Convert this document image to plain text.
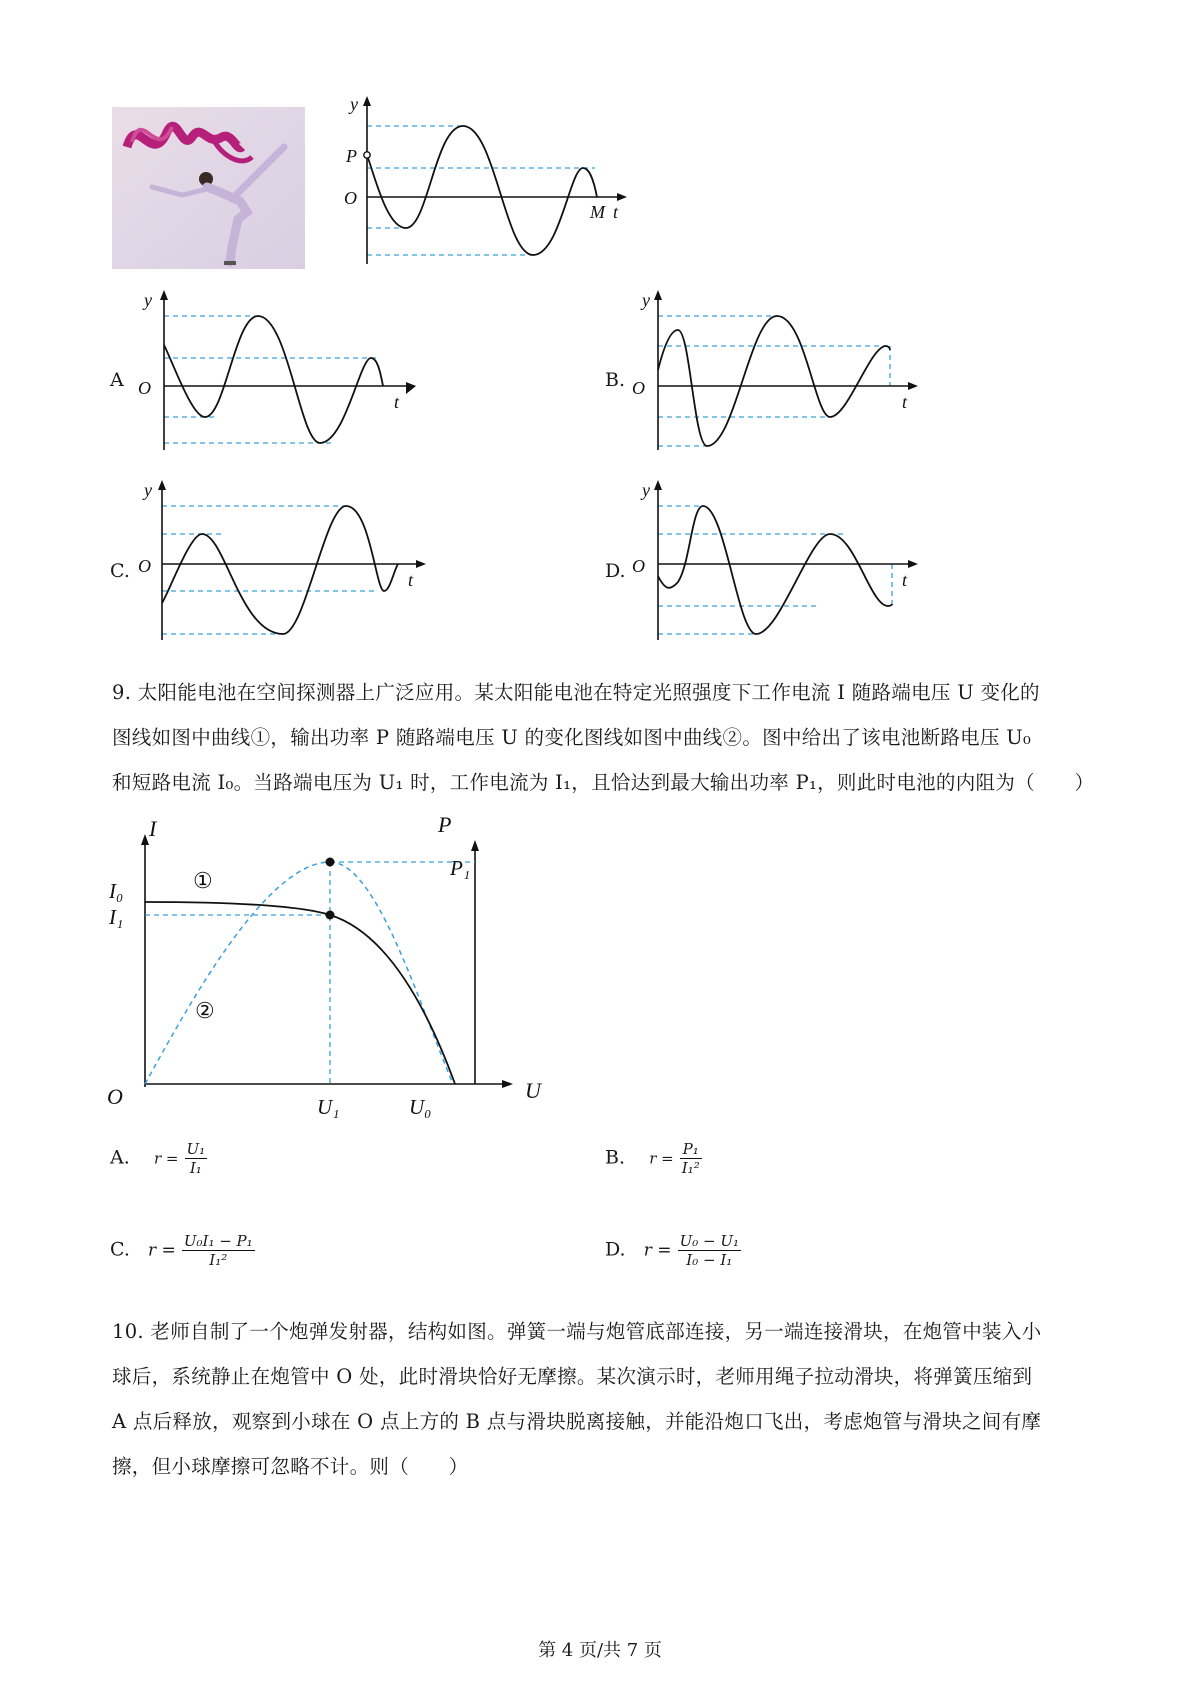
y
P
O
M t
A
y
O
t
B.
y
O
t
C.
y
O
t	D.
y
O
t

9. 太阳能电池在空间探测器上广泛应用。某太阳能电池在特定光照强度下工作电流 I 随路端电压 U 变化的

图线如图中曲线①，输出功率 P 随路端电压 U 的变化图线如图中曲线②。图中给出了该电池断路电压 U₀

和短路电流 I₀。当路端电压为 U₁ 时，工作电流为 I₁，且恰达到最大输出功率 P₁，则此时电池的内阻为（　　）

I	P
U
O
I₀
I₁
P₁
U₁	U₀
①
②
A. $r = \frac{\text{U₁}}{\text{I₁}}$	B. $r = \frac{\text{P₁}}{\text{I₁²}}$
C. $r = \frac{\text{U₀I₁ − P₁}}{\text{I₁²}}$	D. $r = \frac{\text{U₀ − U₁}}{\text{I₀ − I₁}}$

10. 老师自制了一个炮弹发射器，结构如图。弹簧一端与炮管底部连接，另一端连接滑块，在炮管中装入小

球后，系统静止在炮管中 O 处，此时滑块恰好无摩擦。某次演示时，老师用绳子拉动滑块，将弹簧压缩到

A 点后释放，观察到小球在 O 点上方的 B 点与滑块脱离接触，并能沿炮口飞出，考虑炮管与滑块之间有摩

擦，但小球摩擦可忽略不计。则（　　）

第 4 页/共 7 页
